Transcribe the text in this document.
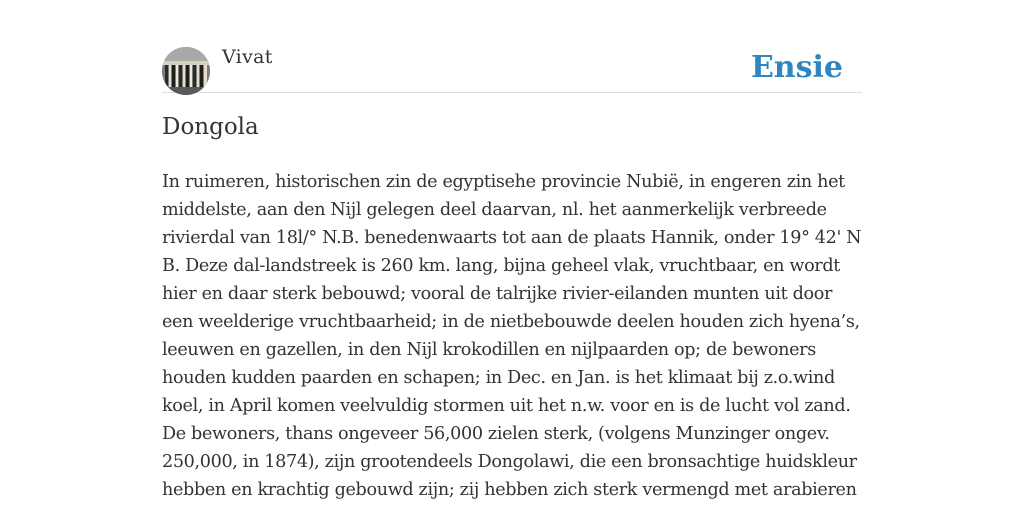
Vivat	Ensie
Dongola

In ruimeren, historischen zin de egyptisehe provincie Nubië, in engeren zin het middelste, aan den Nijl gelegen deel daarvan, nl. het aanmerkelijk verbreede rivierdal van 18l/° N.B. benedenwaarts tot aan de plaats Hannik, onder 19° 42' N B. Deze dal-landstreek is 260 km. lang, bijna geheel vlak, vruchtbaar, en wordt hier en daar sterk bebouwd; vooral de talrijke rivier-eilanden munten uit door een weelderige vruchtbaarheid; in de nietbebouwde deelen houden zich hyena’s, leeuwen en gazellen, in den Nijl krokodillen en nijlpaarden op; de bewoners houden kudden paarden en schapen; in Dec. en Jan. is het klimaat bij z.o.wind koel, in April komen veelvuldig stormen uit het n.w. voor en is de lucht vol zand. De bewoners, thans ongeveer 56,000 zielen sterk, (volgens Munzinger ongev. 250,000, in 1874), zijn grootendeels Dongolawi, die een bronsachtige huidskleur hebben en krachtig gebouwd zijn; zij hebben zich sterk vermengd met arabieren
